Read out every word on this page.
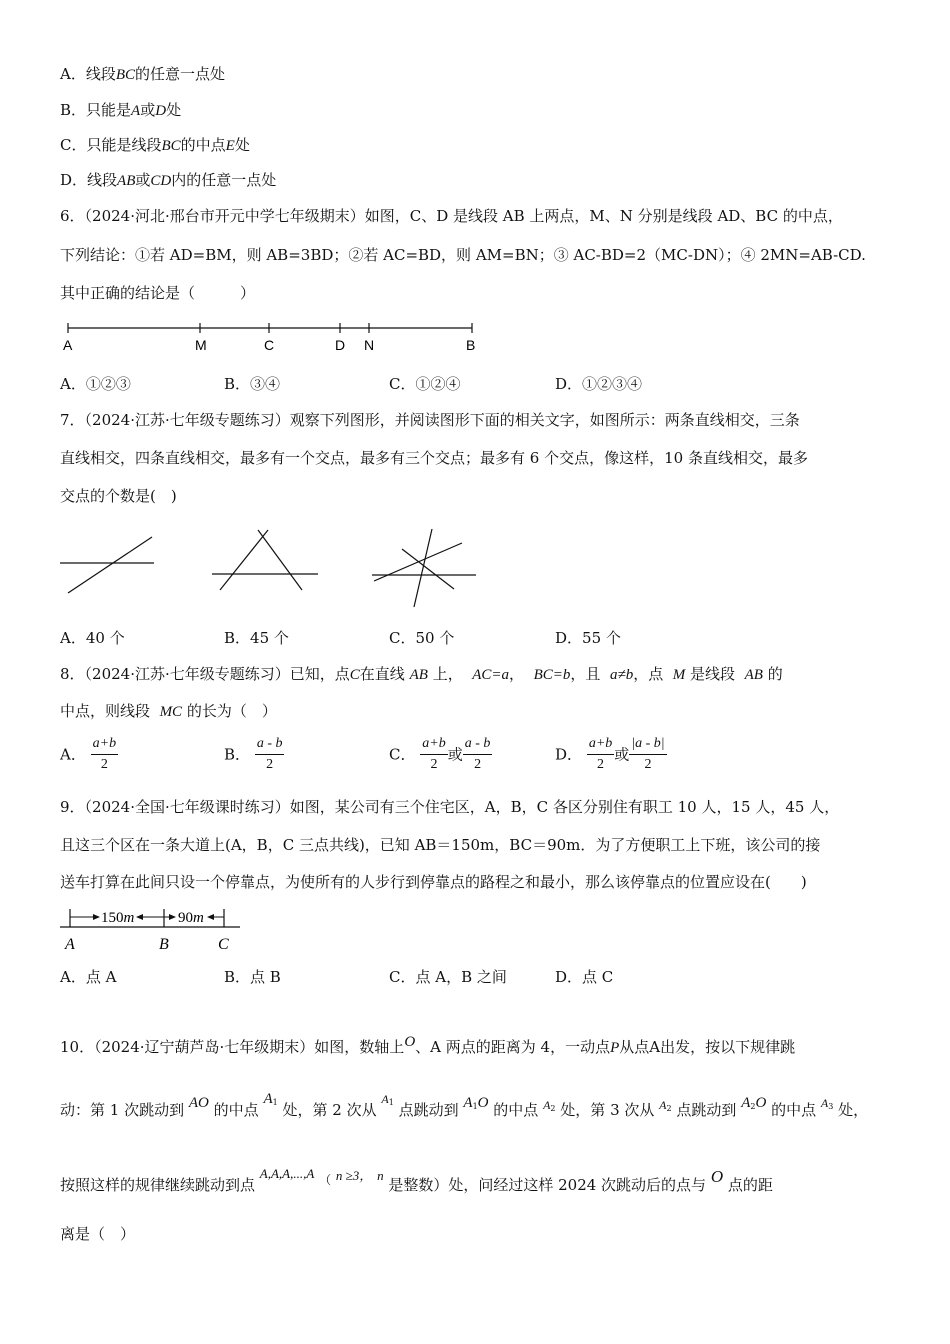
A．线段BC的任意一点处
B．只能是A或D处
C．只能是线段BC的中点E处
D．线段AB或CD内的任意一点处
6．（2024·河北·邢台市开元中学七年级期末）如图，C、D 是线段 AB 上两点，M、N 分别是线段 AD、BC 的中点，
下列结论：①若 AD=BM，则 AB=3BD；②若 AC=BD，则 AM=BN；③ AC-BD=2（MC-DN）；④ 2MN=AB-CD.
其中正确的结论是（　　　）
A	M	C	D N	B
A．①②③	B．③④	C．①②④	D．①②③④
7．（2024·江苏·七年级专题练习）观察下列图形，并阅读图形下面的相关文字，如图所示：两条直线相交，三条
直线相交，四条直线相交，最多有一个交点，最多有三个交点；最多有 6 个交点，像这样，10 条直线相交，最多
交点的个数是(　)
A．40 个	B．45 个	C．50 个	D．55 个
8．（2024·江苏·七年级专题练习）已知，点C在直线 AB 上， AC=a， BC=b，且 a≠b，点 M 是线段 AB 的
中点，则线段 MC 的长为（　）
A． $\frac{a+b}{2}$	B． $\frac{a - b}{2}$	C． $\frac{a+b}{2}$ 或 $\frac{a - b}{2}$	D． $\frac{a+b}{2}$ 或 $\frac{|a - b|}{2}$
9．（2024·全国·七年级课时练习）如图，某公司有三个住宅区，A，B，C 各区分别住有职工 10 人，15 人，45 人，
且这三个区在一条大道上(A，B，C 三点共线)，已知 AB＝150m，BC＝90m．为了方便职工上下班，该公司的接
送车打算在此间只设一个停靠点，为使所有的人步行到停靠点的路程之和最小，那么该停靠点的位置应设在(　　)
150m	90m
A	B	C
A．点 A	B．点 B	C．点 A，B 之间	D．点 C
10．（2024·辽宁葫芦岛·七年级期末）如图，数轴上O、A 两点的距离为 4，一动点P从点A出发，按以下规律跳
动：第 1 次跳动到 AO 的中点 $A_1$ 处，第 2 次从 $^{A_1}$ 点跳动到 $A_1O$ 的中点 $^{A_2}$ 处，第 3 次从 $^{A_2}$ 点跳动到 $A_2O$ 的中点 $^{A_3}$ 处，
按照这样的规律继续跳动到点 A,A,A,...,A （ n ≥3， n 是整数）处，问经过这样 2024 次跳动后的点与 O 点的距
离是（　）
